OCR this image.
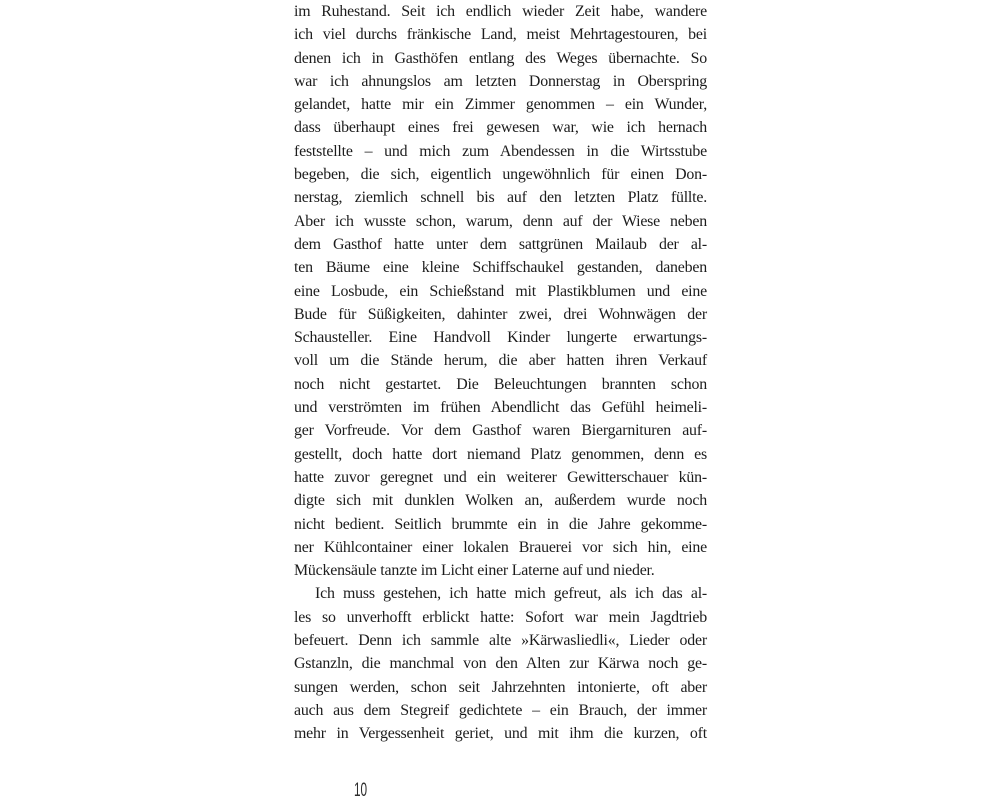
im Ruhestand. Seit ich endlich wieder Zeit habe, wandere
ich viel durchs fränkische Land, meist Mehrtagestouren, bei
denen ich in Gasthöfen entlang des Weges übernachte. So
war ich ahnungslos am letzten Donnerstag in Oberspring
gelandet, hatte mir ein Zimmer genommen – ein Wunder,
dass überhaupt eines frei gewesen war, wie ich hernach
feststellte – und mich zum Abendessen in die Wirtsstube
begeben, die sich, eigentlich ungewöhnlich für einen Don-
nerstag, ziemlich schnell bis auf den letzten Platz füllte.
Aber ich wusste schon, warum, denn auf der Wiese neben
dem Gasthof hatte unter dem sattgrünen Mailaub der al-
ten Bäume eine kleine Schiffschaukel gestanden, daneben
eine Losbude, ein Schießstand mit Plastikblumen und eine
Bude für Süßigkeiten, dahinter zwei, drei Wohnwägen der
Schausteller. Eine Handvoll Kinder lungerte erwartungs-
voll um die Stände herum, die aber hatten ihren Verkauf
noch nicht gestartet. Die Beleuchtungen brannten schon
und verströmten im frühen Abendlicht das Gefühl heimeli-
ger Vorfreude. Vor dem Gasthof waren Biergarnituren auf-
gestellt, doch hatte dort niemand Platz genommen, denn es
hatte zuvor geregnet und ein weiterer Gewitterschauer kün-
digte sich mit dunklen Wolken an, außerdem wurde noch
nicht bedient. Seitlich brummte ein in die Jahre gekomme-
ner Kühlcontainer einer lokalen Brauerei vor sich hin, eine
Mückensäule tanzte im Licht einer Laterne auf und nieder.
Ich muss gestehen, ich hatte mich gefreut, als ich das al-
les so unverhofft erblickt hatte: Sofort war mein Jagdtrieb
befeuert. Denn ich sammle alte »Kärwasliedli«, Lieder oder
Gstanzln, die manchmal von den Alten zur Kärwa noch ge-
sungen werden, schon seit Jahrzehnten intonierte, oft aber
auch aus dem Stegreif gedichtete – ein Brauch, der immer
mehr in Vergessenheit geriet, und mit ihm die kurzen, oft
10
